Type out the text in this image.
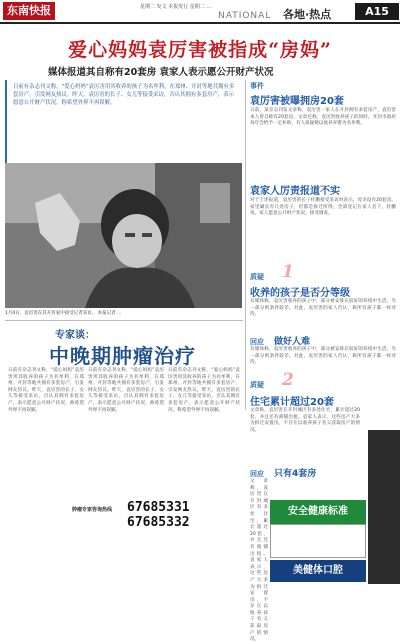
东南快报	星期二 发文 本报发行 星期二 ...
NATIONAL 各地·热点	A15
爱心妈妈袁厉害被指成“房妈”
媒体报道其自称有20套房 袁家人表示愿公开财产状况
日前有杂志刊文称，“爱心妈妈”袁厉害用其收养的孩子为名牟利，在郑州、开封等地共拥有多套房产，引发网友热议。昨天，袁厉害的长子、女儿等接受采访，否认其拥有多套房产，表示愿意公开财产状况，称希望外界不再误解。
1月4日，袁厉害在其开封家中接受记者采访。 本报记者 ...
事件
袁厉害被曝拥房20套
日前，某杂志刊发文章称，袁厉害一家人在开封拥有多套房产，袁厉害本人曾自称有20套房。文章还称，袁厉害收养孩子的同时，开封市政府每年会给予一定补助，有人质疑她以收养弃婴为名牟利。
袁家人厉责报道不实
对于上述报道，袁厉害的长子杜鹏接受采访时表示，母亲没有20套房。家里确实有几处房子，但都是拆迁所得，全部登记在家人名下。杜鹏说，家人愿意公开财产状况，接受调查。
质疑 1
收养的孩子是否分等级
有媒体称，袁厉害收养的孩子中，部分被安排在较好的环境中生活，另一部分则条件较差。对此，袁厉害的家人否认，称所有孩子都一样对待。
回应 做好人难
有媒体称，袁厉害收养的孩子中，部分被安排在较好的环境中生活，另一部分则条件较差。对此，袁厉害的家人否认，称所有孩子都一样对待。
质疑 2
住宅累计超过20套
文章称，袁厉害在开封城区有多处住宅，累计超过20套，并且还有商铺出租。袁家人表示，这些房产大多为拆迁安置房，不存在以收养孩子名义获取房产的情况。
回应 只有4套房
文章称，袁厉害在开封城区有多处住宅，累计超过20套，并且还有商铺出租。袁家人表示，这些房产大多为拆迁安置房，不存在以收养孩子名义获取房产的情况。
专家谈：
中晚期肿瘤治疗
日前有杂志刊文称，“爱心妈妈”袁厉害用其收养的孩子为名牟利，在郑州、开封等地共拥有多套房产，引发网友热议。昨天，袁厉害的长子、女儿等接受采访，否认其拥有多套房产，表示愿意公开财产状况，称希望外界不再误解。
日前有杂志刊文称，“爱心妈妈”袁厉害用其收养的孩子为名牟利，在郑州、开封等地共拥有多套房产，引发网友热议。昨天，袁厉害的长子、女儿等接受采访，否认其拥有多套房产，表示愿意公开财产状况，称希望外界不再误解。
日前有杂志刊文称，“爱心妈妈”袁厉害用其收养的孩子为名牟利，在郑州、开封等地共拥有多套房产，引发网友热议。昨天，袁厉害的长子、女儿等接受采访，否认其拥有多套房产，表示愿意公开财产状况，称希望外界不再误解。
肿瘤专家咨询热线	67685331
67685332
安全健康标准
美健体口腔
